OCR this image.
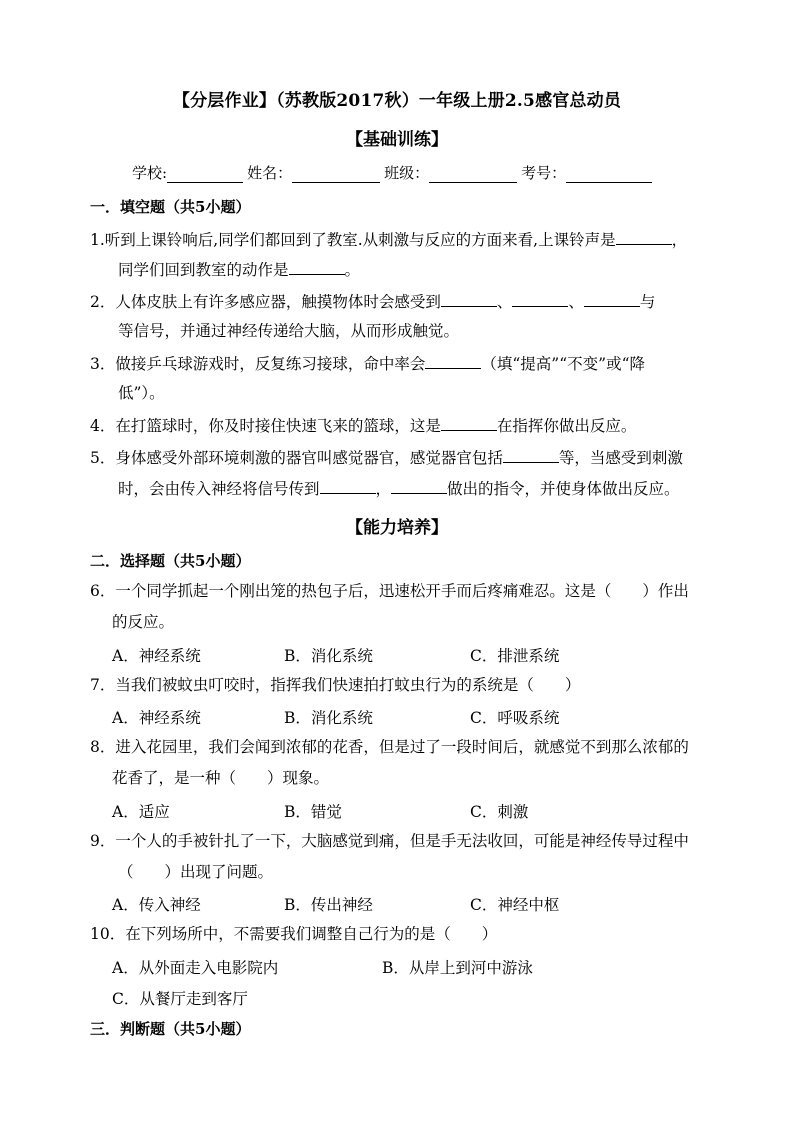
【分层作业】（苏教版2017秋）一年级上册2.5感官总动员
【基础训练】
学校:	姓名：	班级：	考号：
一．填空题（共5小题）
1.听到上课铃响后,同学们都回到了教室.从刺激与反应的方面来看,上课铃声是	，
同学们回到教室的动作是	。
2．人体皮肤上有许多感应器，触摸物体时会感受到	、	、	与
等信号，并通过神经传递给大脑，从而形成触觉。
3．做接乒乓球游戏时，反复练习接球，命中率会	（填“提高”“不变”或“降
低”）。
4．在打篮球时，你及时接住快速飞来的篮球，这是	在指挥你做出反应。
5．身体感受外部环境刺激的器官叫感觉器官，感觉器官包括	等，当感受到刺激
时，会由传入神经将信号传到	，	做出的指令，并使身体做出反应。
【能力培养】
二．选择题（共5小题）
6．一个同学抓起一个刚出笼的热包子后，迅速松开手而后疼痛难忍。这是（　　）作出
的反应。
A．神经系统	B．消化系统	C．排泄系统
7．当我们被蚊虫叮咬时，指挥我们快速拍打蚊虫行为的系统是（　　）
A．神经系统	B．消化系统	C．呼吸系统
8．进入花园里，我们会闻到浓郁的花香，但是过了一段时间后，就感觉不到那么浓郁的
花香了，是一种（　　）现象。
A．适应	B．错觉	C．刺激
9．一个人的手被针扎了一下，大脑感觉到痛，但是手无法收回，可能是神经传导过程中
（　　）出现了问题。
A．传入神经	B．传出神经	C．神经中枢
10．在下列场所中，不需要我们调整自己行为的是（　　）
A．从外面走入电影院内	B．从岸上到河中游泳
C．从餐厅走到客厅
三．判断题（共5小题）
